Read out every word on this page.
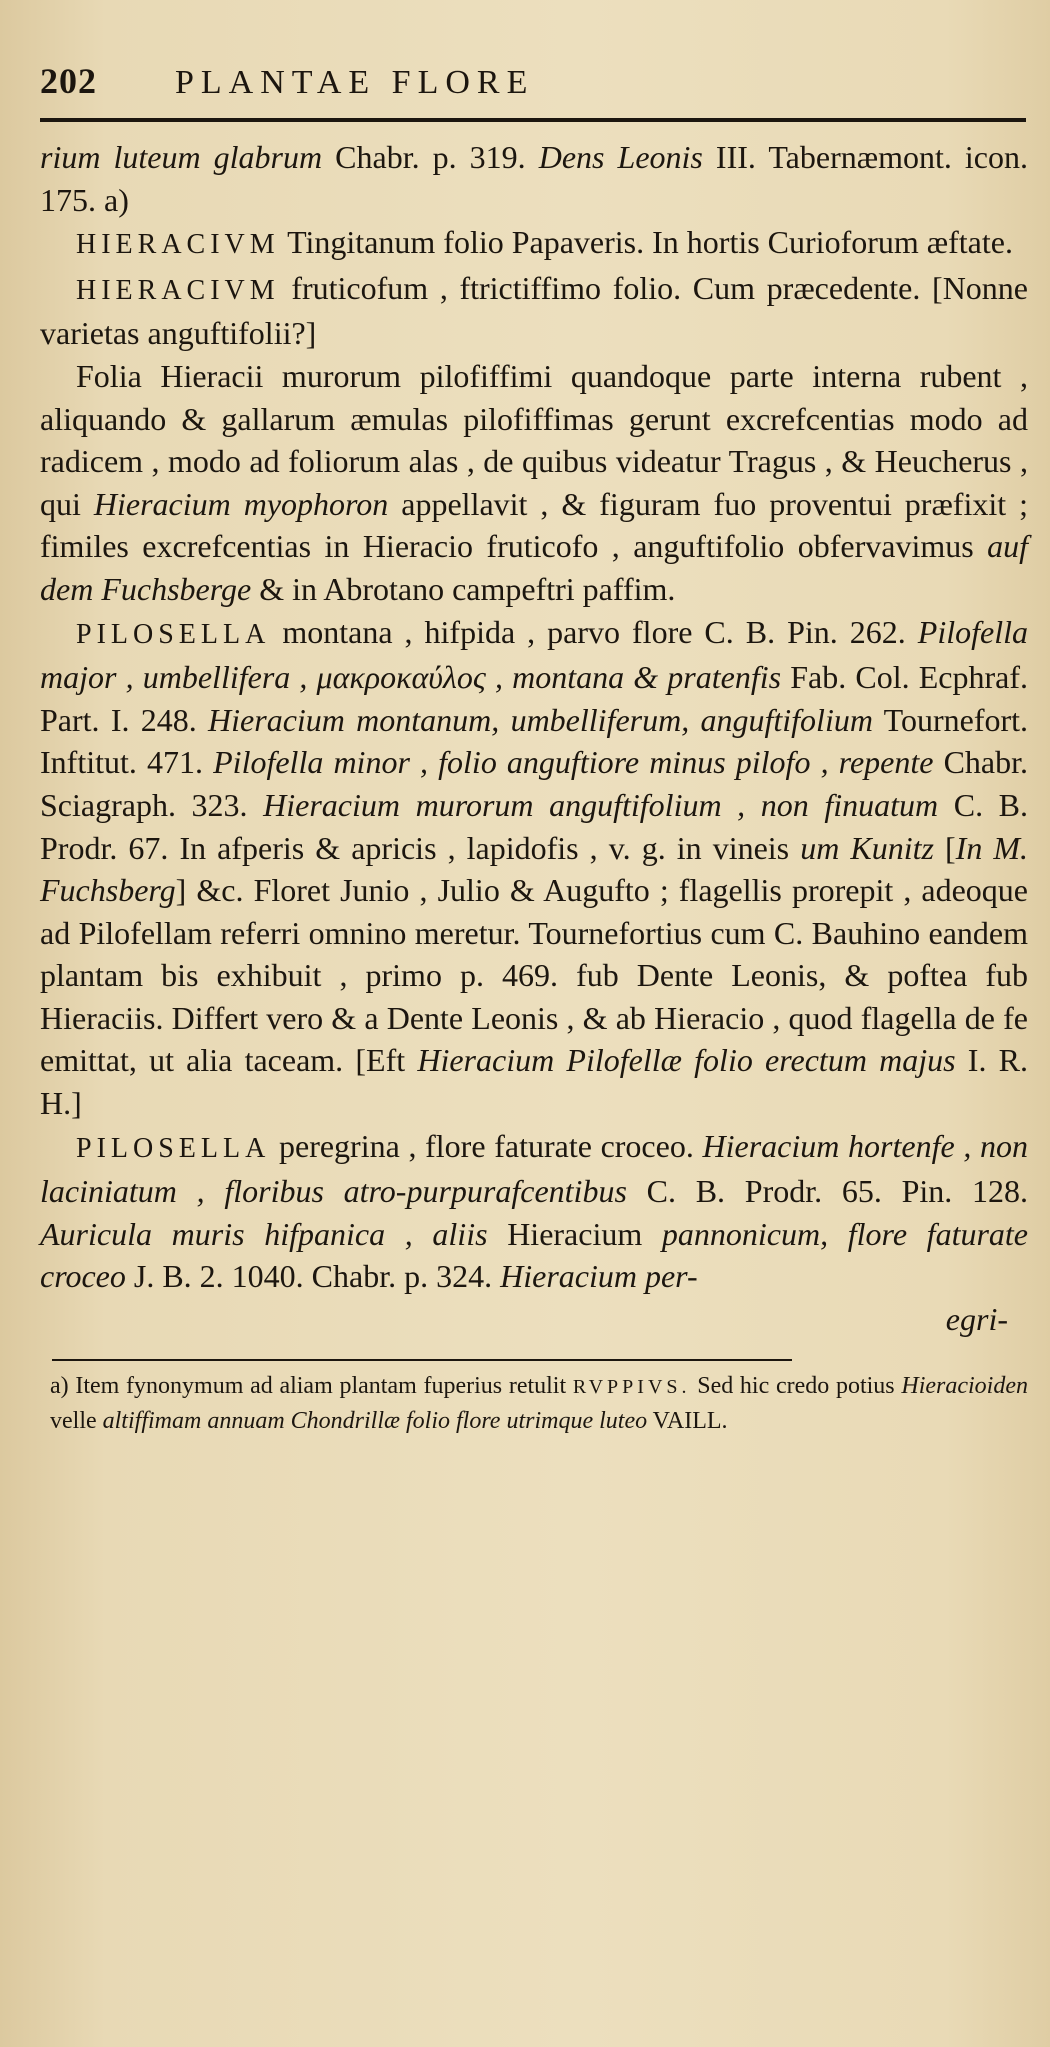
202 PLANTAE FLORE

rium luteum glabrum Chabr. p. 319. Dens Leonis III. Tabernæmont. icon. 175. a)

HIERACIVM Tingitanum folio Papaveris. In hortis Curioforum æftate.

HIERACIVM fruticofum , ftrictiffimo folio. Cum præcedente. [Nonne varietas anguftifolii?]

Folia Hieracii murorum pilofiffimi quandoque parte interna rubent , aliquando & gallarum æmulas pilofiffimas gerunt excrefcentias modo ad radicem , modo ad foliorum alas , de quibus videatur Tragus , & Heucherus , qui Hieracium myophoron appellavit , & figuram fuo proventui præfixit ; fimiles excrefcentias in Hieracio fruticofo , anguftifolio obfervavimus auf dem Fuchsberge & in Abrotano campeftri paffim.

PILOSELLA montana , hifpida , parvo flore C. B. Pin. 262. Pilofella major , umbellifera , μακρoκαύλος , montana & pratenfis Fab. Col. Ecphraf. Part. I. 248. Hieracium montanum, umbelliferum, anguftifolium Tournefort. Inftitut. 471. Pilofella minor , folio anguftiore minus pilofo , repente Chabr. Sciagraph. 323. Hieracium murorum anguftifolium , non finuatum C. B. Prodr. 67. In afperis & apricis , lapidofis , v. g. in vineis um Kunitz [In M. Fuchsberg] &c. Floret Junio , Julio & Augufto ; flagellis prorepit , adeoque ad Pilofellam referri omnino meretur. Tournefortius cum C. Bauhino eandem plantam bis exhibuit , primo p. 469. fub Dente Leonis, & poftea fub Hieraciis. Differt vero & a Dente Leonis , & ab Hieracio , quod flagella de fe emittat, ut alia taceam. [Eft Hieracium Pilofellæ folio erectum majus I. R. H.]

PILOSELLA peregrina , flore faturate croceo. Hieracium hortenfe , non laciniatum , floribus atro-purpurafcentibus C. B. Prodr. 65. Pin. 128. Auricula muris hifpanica , aliis Hieracium pannonicum, flore faturate croceo J. B. 2. 1040. Chabr. p. 324. Hieracium per-

egri-

a) Item fynonymum ad aliam plantam fuperius retulit RVPPIVS. Sed hic credo potius Hieracioiden velle altiffimam annuam Chondrillæ folio flore utrimque luteo VAILL.
